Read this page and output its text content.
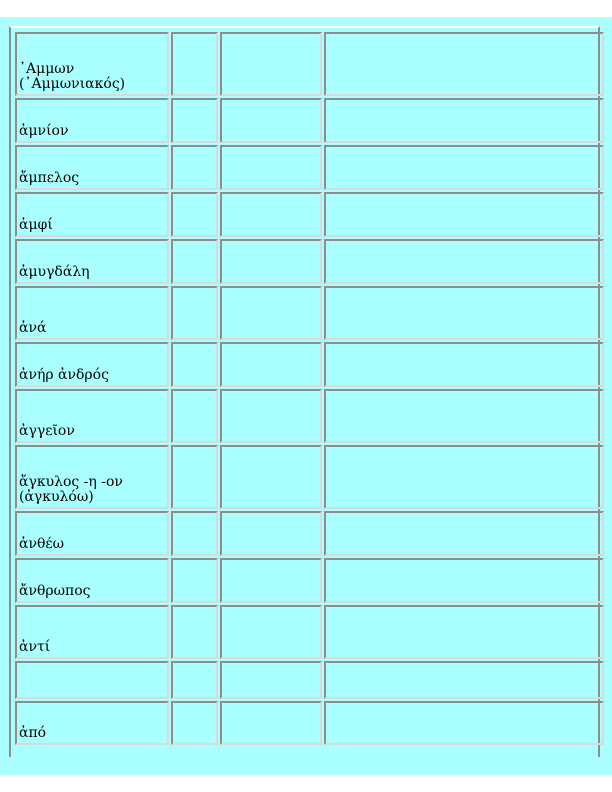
᾿Αμμων (᾿Αμμωνιακός)			
ἀμνίον			
ἄμπελος			
ἀμφί			
ἀμυγδάλη			
ἀνά			
ἀνήρ ἀνδρός			
ἀγγεῖον			
ἄγκυλος -η -ον (ἀγκυλόω)			
ἀνθέω			
ἄνθρωπος			
ἀντί			

ἀπό			
